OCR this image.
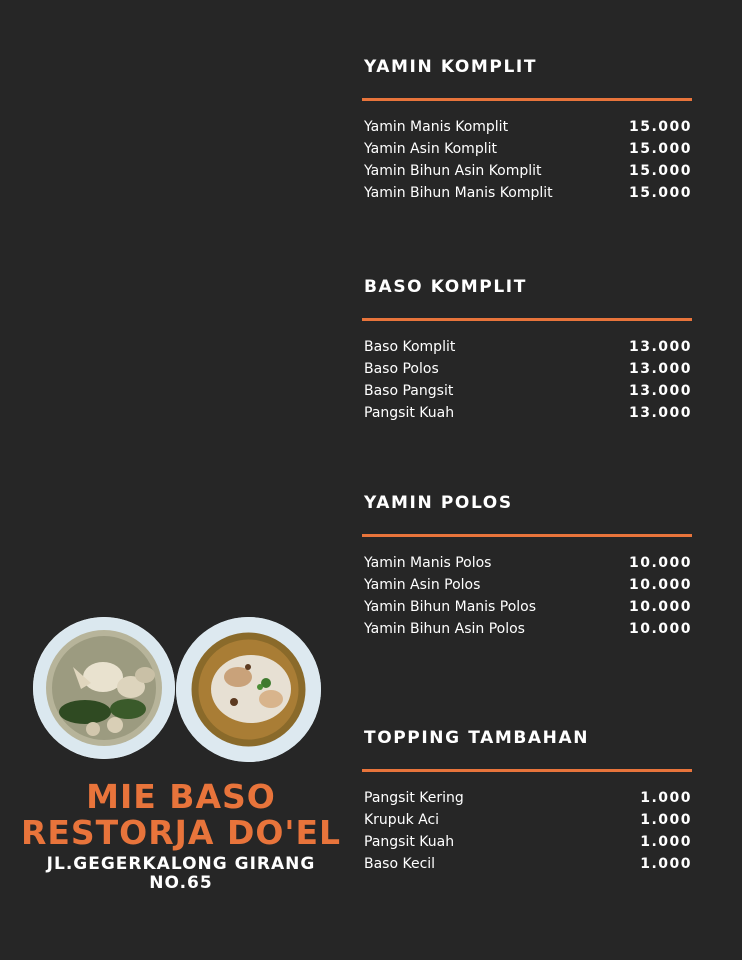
YAMIN KOMPLIT
Yamin Manis Komplit	15.000
Yamin Asin Komplit	15.000
Yamin Bihun Asin Komplit	15.000
Yamin Bihun Manis Komplit	15.000
BASO KOMPLIT
Baso Komplit	13.000
Baso Polos	13.000
Baso Pangsit	13.000
Pangsit Kuah	13.000
YAMIN POLOS
Yamin Manis Polos	10.000
Yamin Asin Polos	10.000
Yamin Bihun Manis Polos	10.000
Yamin Bihun Asin Polos	10.000
TOPPING TAMBAHAN
Pangsit Kering	1.000
Krupuk Aci	1.000
Pangsit Kuah	1.000
Baso Kecil	1.000
MIE BASO
RESTORJA DO'EL
JL.GEGERKALONG GIRANG
NO.65
